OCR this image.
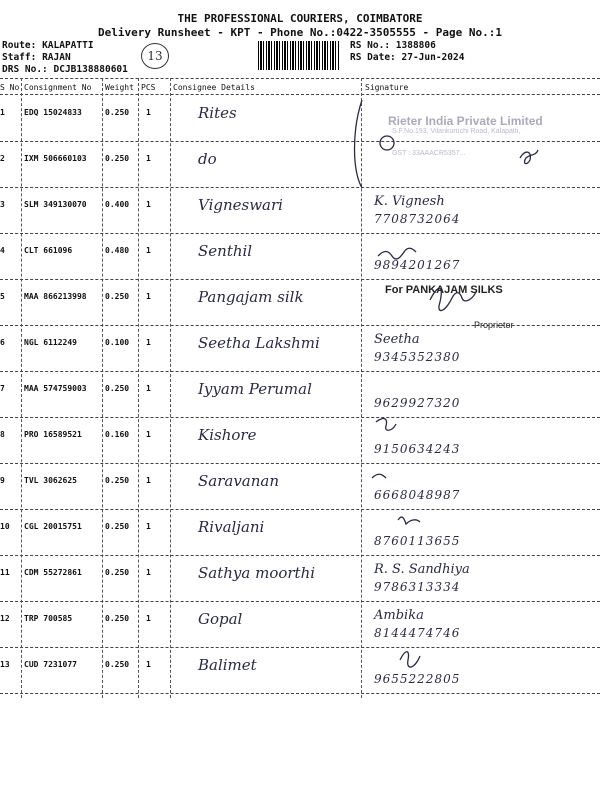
THE PROFESSIONAL COURIERS, COIMBATORE
Delivery Runsheet - KPT - Phone No.:0422-3505555 - Page No.:1
Route: KALAPATTI
Staff: RAJAN
DRS No.: DCJB138880601
13
RS No.: 1388806
RS Date: 27-Jun-2024
S No Consignment No Weight PCS Consignee Details	Signature
1 EDQ 15024833	0.250 1	Rites
2 IXM 506660103 0.250 1	do
3 SLM 349130070 0.400 1	Vigneswari	K. Vignesh
7708732064
4 CLT 661096	0.480 1	Senthil
9894201267
5 MAA 866213998 0.250 1	Pangajam silk
6 NGL 6112249	0.100 1	Seetha Lakshmi	Seetha
9345352380
7 MAA 574759003 0.250 1	Iyyam Perumal
9629927320
8 PRO 16589521	0.160 1	Kishore
9150634243
9 TVL 3062625	0.250 1	Saravanan
6668048987
10 CGL 20015751	0.250 1	Rivaljani
8760113655
11 CDM 55272861	0.250 1	Sathya moorthi	R. S. Sandhiya
9786313334
12 TRP 700585	0.250 1	Gopal	Ambika
8144474746
13 CUD 7231077	0.250 1	Balimet
9655222805
Rieter India Private Limited
S.F.No.193, Vilankuruchi Road, Kalapatti,
GST : 33AAACR5357...
For PANKAJAM SILKS
Proprietor
